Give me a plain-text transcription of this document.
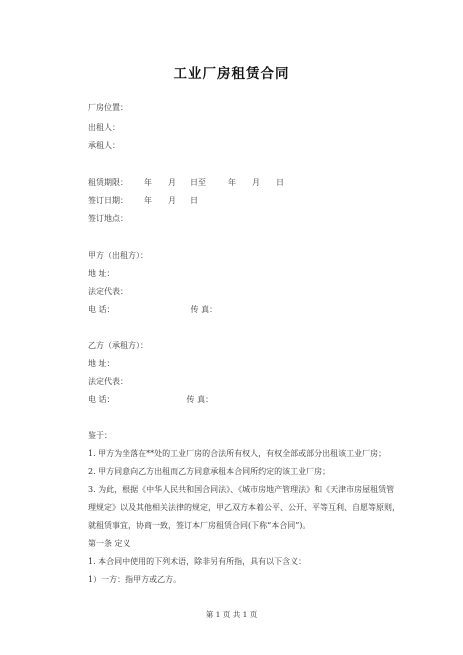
工业厂房租赁合同
厂房位置：
出租人：
承租人：
租赁期限： 年 月 日至	年 月 日
签订日期： 年 月 日
签订地点：
甲方（出租方）：
地 址：
法定代表：
电 话：	传 真：
乙方（承租方）：
地 址：
法定代表：
电 话：	传 真：

鉴于：

1. 甲方为坐落在**处的工业厂房的合法所有权人，有权全部或部分出租该工业厂房；

2. 甲方同意向乙方出租而乙方同意承租本合同所约定的该工业厂房；

3. 为此，根据《中华人民共和国合同法》、《城市房地产管理法》和《天津市房屋租赁管理规定》以及其他相关法律的规定，甲乙双方本着公平、公开、平等互利、自愿等原则，就租赁事宜，协商一致，签订本厂房租赁合同(下称“本合同”)。

第一条 定义

1. 本合同中使用的下列术语，除非另有所指，具有以下含义：

1）一方：指甲方或乙方。

第 1 页 共 1 页
